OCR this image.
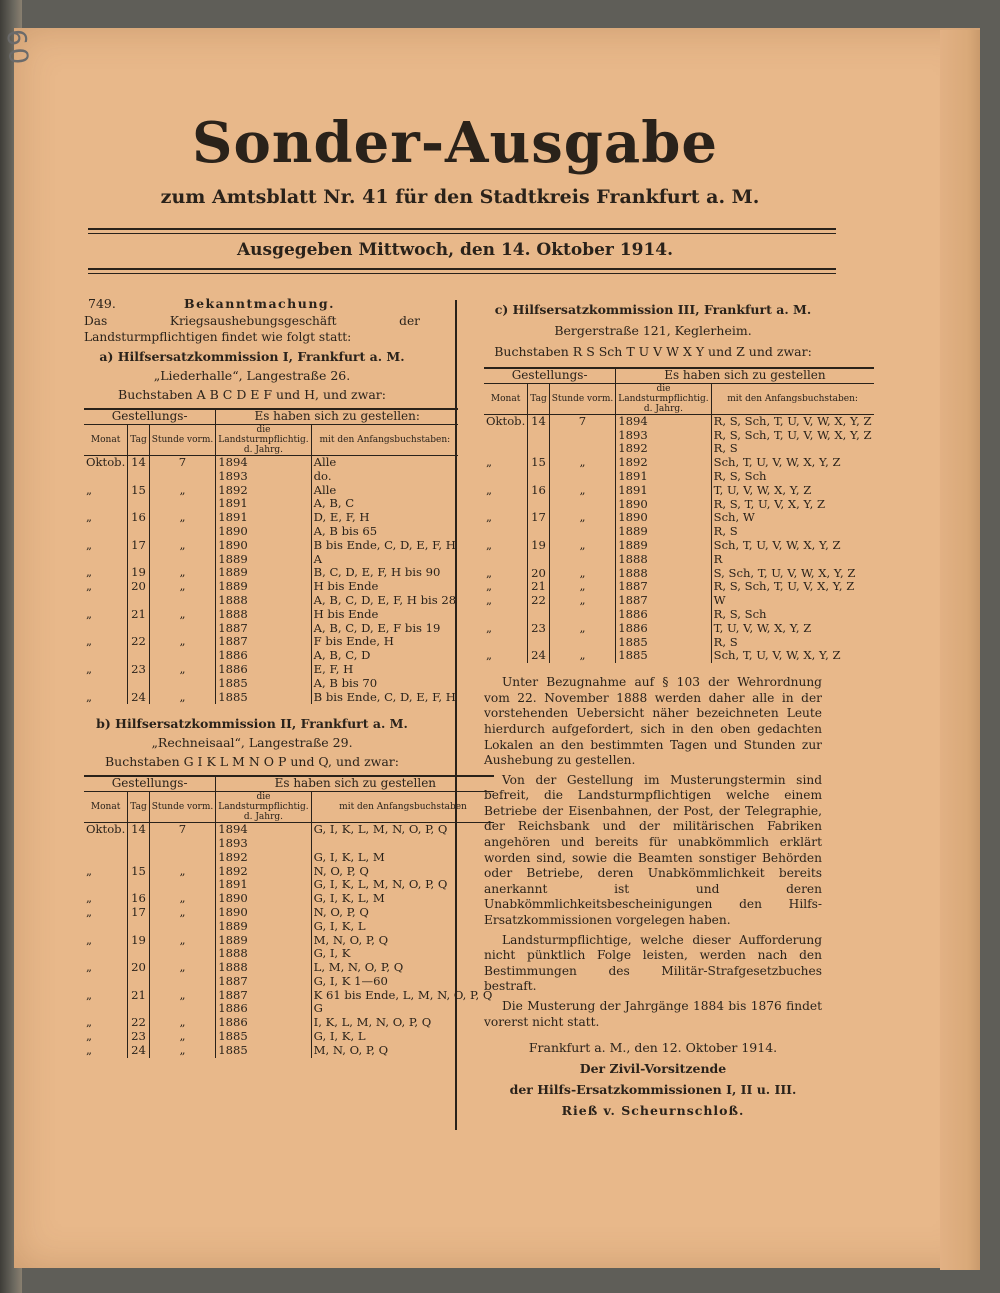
60
Sonder-Ausgabe
zum Amtsblatt Nr. 41 für den Stadtkreis Frankfurt a. M.
Ausgegeben Mittwoch, den 14. Oktober 1914.
749.	Bekanntmachung.
Das Kriegsaushebungsgeschäft der Landsturmpflichtigen findet wie folgt statt:
a) Hilfsersatzkommission I, Frankfurt a. M.
„Liederhalle“, Langestraße 26.
Buchstaben A B C D E F und H, und zwar:
Gestellungs-			Es haben sich zu gestellen:	
Monat	Tag	Stunde vorm.	die Landsturmpflichtig. d. Jahrg.	mit den Anfangsbuchstaben:
Oktob.	14	7	1894	Alle
			1893	do.
„	15	„	1892	Alle
			1891	A, B, C
„	16	„	1891	D, E, F, H
			1890	A, B bis 65
„	17	„	1890	B bis Ende, C, D, E, F, H
			1889	A
„	19	„	1889	B, C, D, E, F, H bis 90
„	20	„	1889	H bis Ende
			1888	A, B, C, D, E, F, H bis 28
„	21	„	1888	H bis Ende
			1887	A, B, C, D, E, F bis 19
„	22	„	1887	F bis Ende, H
			1886	A, B, C, D
„	23	„	1886	E, F, H
			1885	A, B bis 70
„	24	„	1885	B bis Ende, C, D, E, F, H
b) Hilfsersatzkommission II, Frankfurt a. M.
„Rechneisaal“, Langestraße 29.
Buchstaben G I K L M N O P und Q, und zwar:
Gestellungs-			Es haben sich zu gestellen	
Monat	Tag	Stunde vorm.	die Landsturmpflichtig. d. Jahrg.	mit den Anfangsbuchstaben
Oktob.	14	7	1894	G, I, K, L, M, N, O, P, Q
			1893	
			1892	G, I, K, L, M
„	15	„	1892	N, O, P, Q
			1891	G, I, K, L, M, N, O, P, Q
„	16	„	1890	G, I, K, L, M
„	17	„	1890	N, O, P, Q
			1889	G, I, K, L
„	19	„	1889	M, N, O, P, Q
			1888	G, I, K
„	20	„	1888	L, M, N, O, P, Q
			1887	G, I, K 1—60
„	21	„	1887	K 61 bis Ende, L, M, N, O, P, Q
			1886	G
„	22	„	1886	I, K, L, M, N, O, P, Q
„	23	„	1885	G, I, K, L
„	24	„	1885	M, N, O, P, Q
c) Hilfsersatzkommission III, Frankfurt a. M.
Bergerstraße 121, Keglerheim.
Buchstaben R S Sch T U V W X Y und Z und zwar:
Gestellungs-			Es haben sich zu gestellen	
Monat	Tag	Stunde vorm.	die Landsturmpflichtig. d. Jahrg.	mit den Anfangsbuchstaben:
Oktob.	14	7	1894	R, S, Sch, T, U, V, W, X, Y, Z
			1893	R, S, Sch, T, U, V, W, X, Y, Z
			1892	R, S
„	15	„	1892	Sch, T, U, V, W, X, Y, Z
			1891	R, S, Sch
„	16	„	1891	T, U, V, W, X, Y, Z
			1890	R, S, T, U, V, X, Y, Z
„	17	„	1890	Sch, W
			1889	R, S
„	19	„	1889	Sch, T, U, V, W, X, Y, Z
			1888	R
„	20	„	1888	S, Sch, T, U, V, W, X, Y, Z
„	21	„	1887	R, S, Sch, T, U, V, X, Y, Z
„	22	„	1887	W
			1886	R, S, Sch
„	23	„	1886	T, U, V, W, X, Y, Z
			1885	R, S
„	24	„	1885	Sch, T, U, V, W, X, Y, Z
Unter Bezugnahme auf § 103 der Wehrordnung vom 22. November 1888 werden daher alle in der vorstehenden Uebersicht näher bezeichneten Leute hierdurch aufgefordert, sich in den oben gedachten Lokalen an den bestimmten Tagen und Stunden zur Aushebung zu gestellen.
Von der Gestellung im Musterungstermin sind befreit, die Landsturmpflichtigen welche einem Betriebe der Eisenbahnen, der Post, der Telegraphie, der Reichsbank und der militärischen Fabriken angehören und bereits für unabkömmlich erklärt worden sind, sowie die Beamten sonstiger Behörden oder Betriebe, deren Unabkömmlichkeit bereits anerkannt ist und deren Unabkömmlichkeitsbescheinigungen den Hilfs-Ersatzkommissionen vorgelegen haben.
Landsturmpflichtige, welche dieser Aufforderung nicht pünktlich Folge leisten, werden nach den Bestimmungen des Militär-Strafgesetzbuches bestraft.
Die Musterung der Jahrgänge 1884 bis 1876 findet vorerst nicht statt.
Frankfurt a. M., den 12. Oktober 1914.
Der Zivil-Vorsitzende
der Hilfs-Ersatzkommissionen I, II u. III.
Rieß v. Scheurnschloß.
